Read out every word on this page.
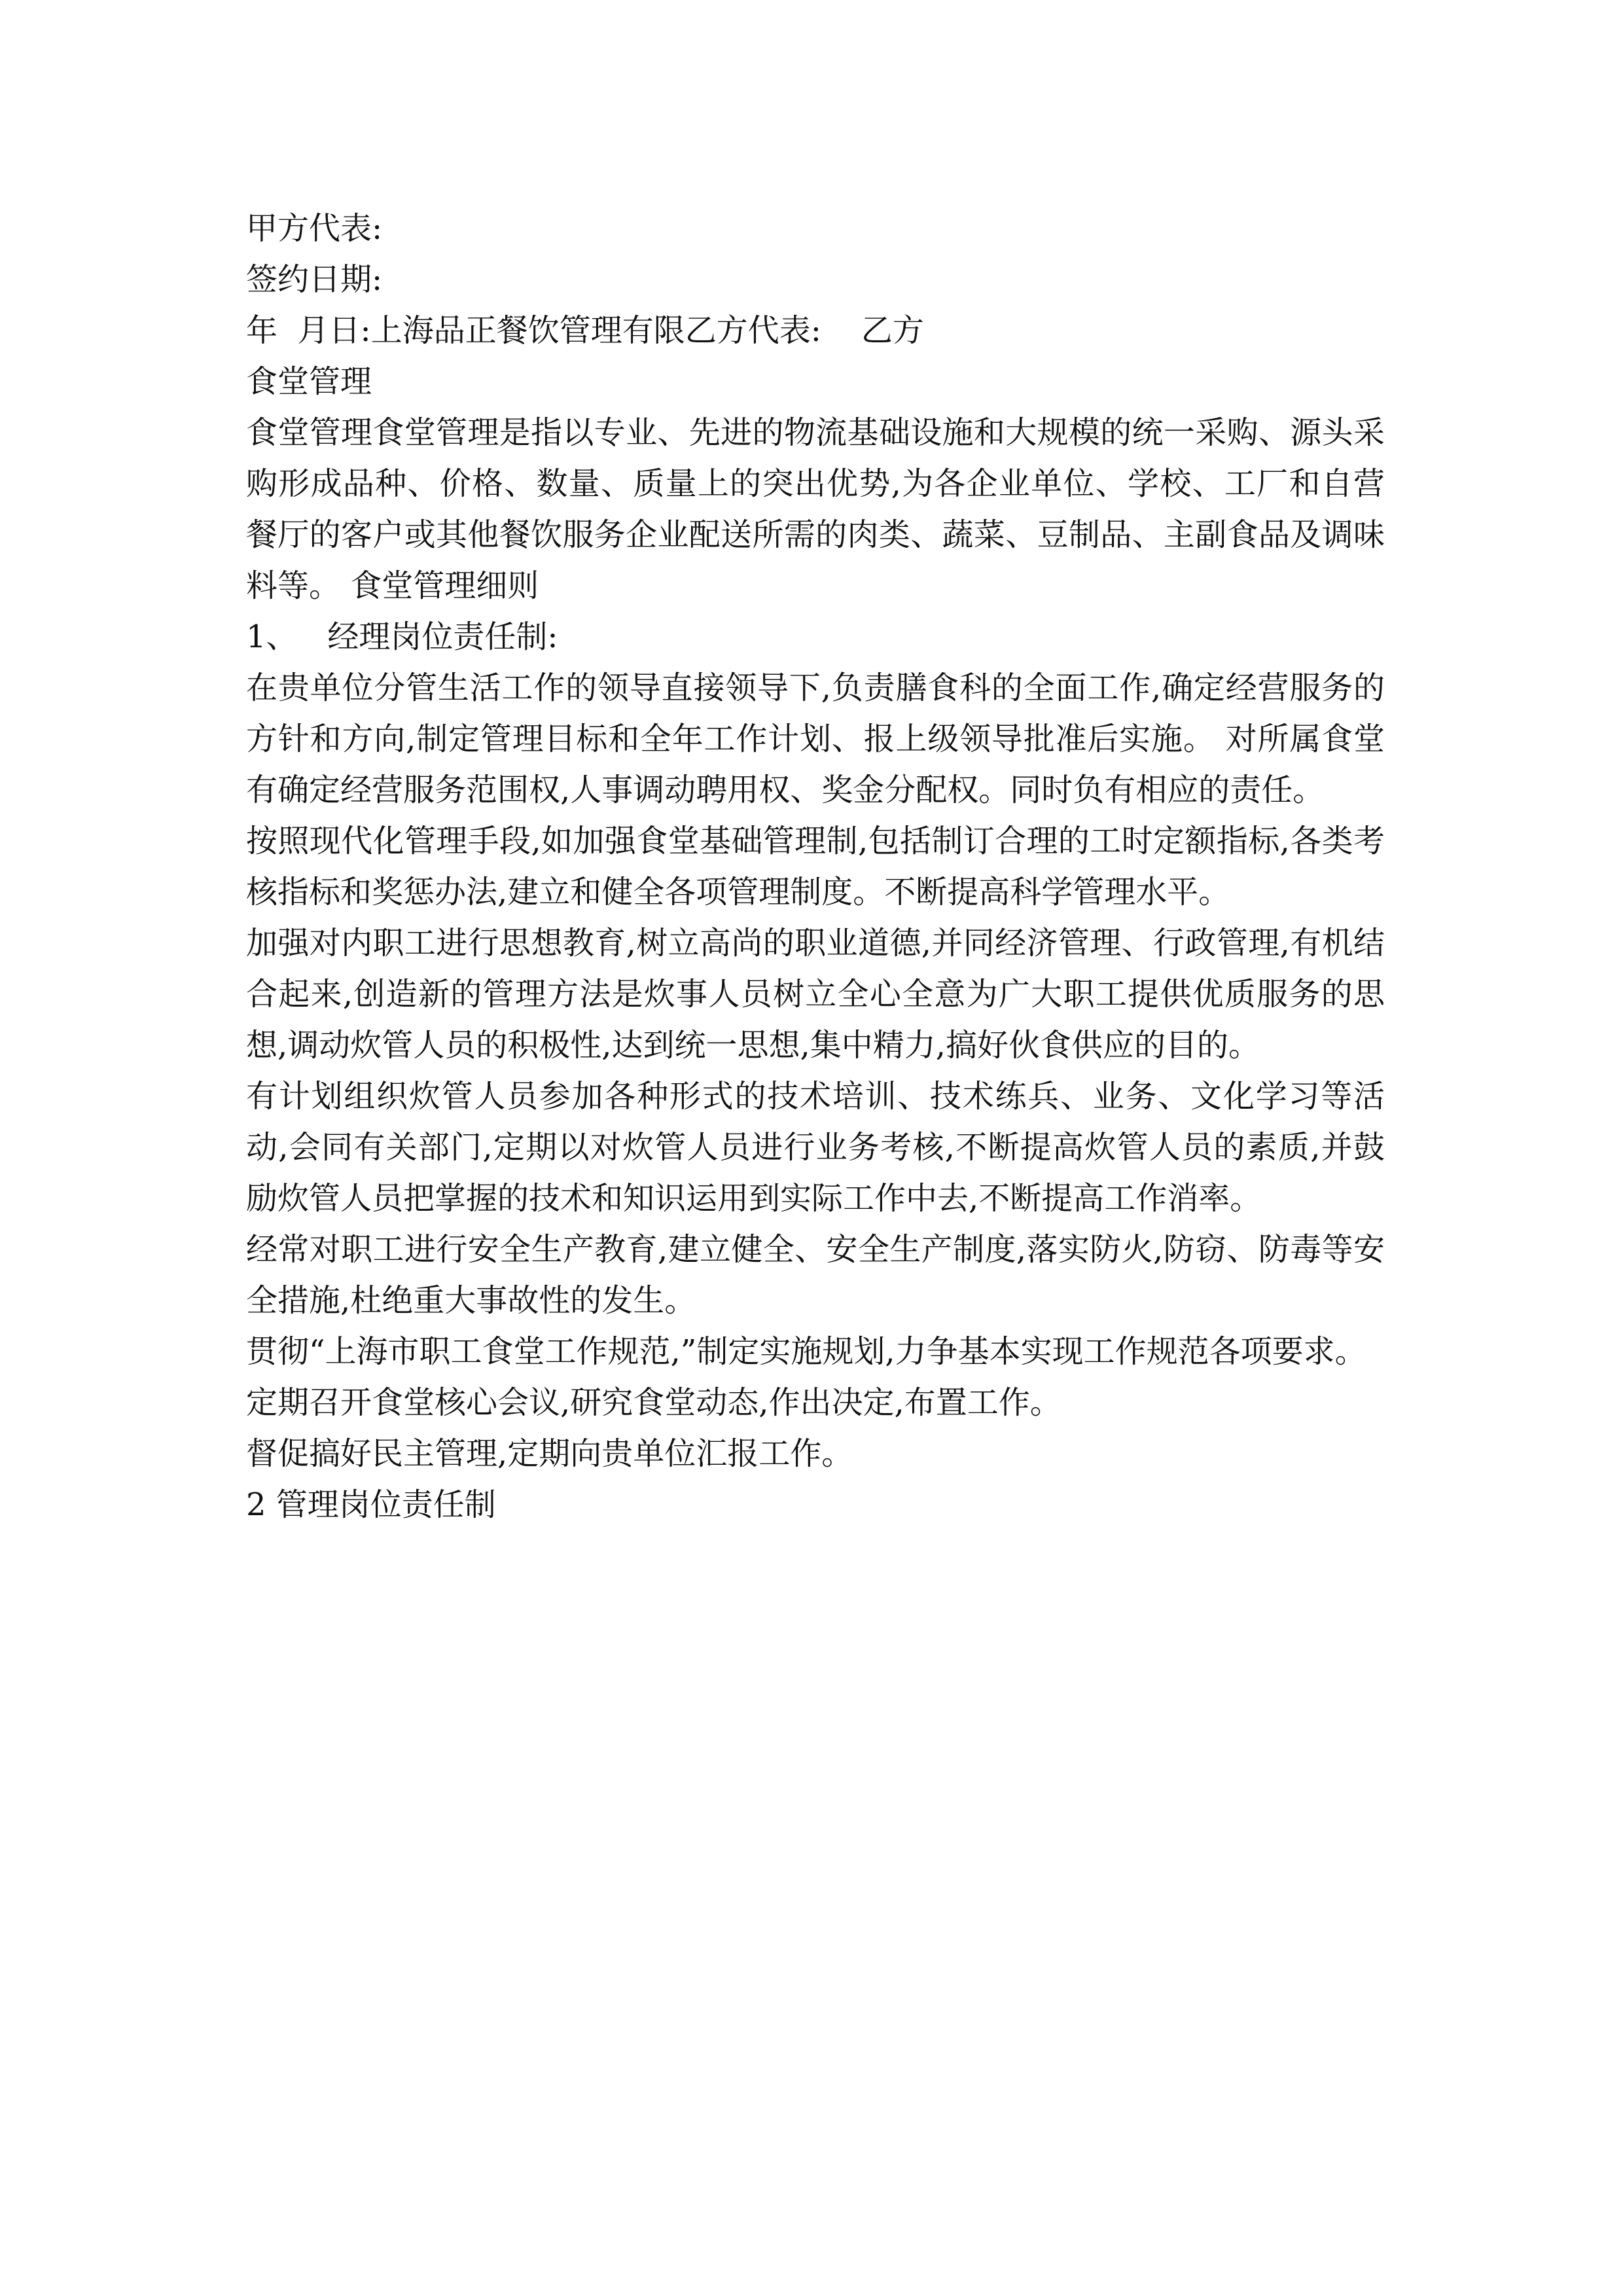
甲方代表:
签约日期:
年  月日:上海品正餐饮管理有限乙方代表:    乙方
食堂管理

食堂管理食堂管理是指以专业、先进的物流基础设施和大规模的统一采购、源头采购形成品种、价格、数量、质量上的突出优势,为各企业单位、学校、工厂和自营餐厅的客户或其他餐饮服务企业配送所需的肉类、蔬菜、豆制品、主副食品及调味料等。 食堂管理细则

1、   经理岗位责任制:

在贵单位分管生活工作的领导直接领导下,负责膳食科的全面工作,确定经营服务的方针和方向,制定管理目标和全年工作计划、报上级领导批准后实施。 对所属食堂有确定经营服务范围权,人事调动聘用权、奖金分配权。同时负有相应的责任。

按照现代化管理手段,如加强食堂基础管理制,包括制订合理的工时定额指标,各类考核指标和奖惩办法,建立和健全各项管理制度。不断提高科学管理水平。

加强对内职工进行思想教育,树立高尚的职业道德,并同经济管理、行政管理,有机结合起来,创造新的管理方法是炊事人员树立全心全意为广大职工提供优质服务的思想,调动炊管人员的积极性,达到统一思想,集中精力,搞好伙食供应的目的。

有计划组织炊管人员参加各种形式的技术培训、技术练兵、业务、文化学习等活动,会同有关部门,定期以对炊管人员进行业务考核,不断提高炊管人员的素质,并鼓励炊管人员把掌握的技术和知识运用到实际工作中去,不断提高工作消率。

经常对职工进行安全生产教育,建立健全、安全生产制度,落实防火,防窃、防毒等安全措施,杜绝重大事故性的发生。

贯彻“上海市职工食堂工作规范,”制定实施规划,力争基本实现工作规范各项要求。

定期召开食堂核心会议,研究食堂动态,作出决定,布置工作。

督促搞好民主管理,定期向贵单位汇报工作。

2 管理岗位责任制
